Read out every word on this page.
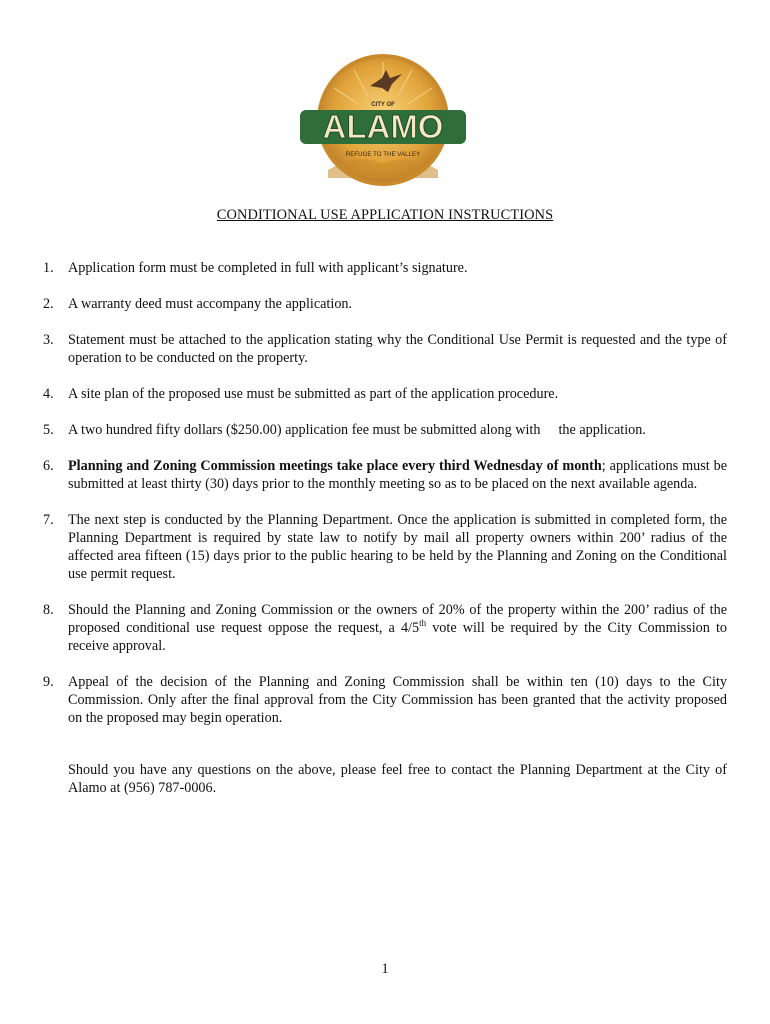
CITY OF
ALAMO
REFUGE TO THE VALLEY
CONDITIONAL USE APPLICATION INSTRUCTIONS
1. Application form must be completed in full with applicant’s signature.
2. A warranty deed must accompany the application.
3. Statement must be attached to the application stating why the Conditional Use Permit is requested and the type of operation to be conducted on the property.
4. A site plan of the proposed use must be submitted as part of the application procedure.
5. A two hundred fifty dollars ($250.00) application fee must be submitted along with the application.
6. Planning and Zoning Commission meetings take place every third Wednesday of month; applications must be submitted at least thirty (30) days prior to the monthly meeting so as to be placed on the next available agenda.
7. The next step is conducted by the Planning Department. Once the application is submitted in completed form, the Planning Department is required by state law to notify by mail all property owners within 200’ radius of the affected area fifteen (15) days prior to the public hearing to be held by the Planning and Zoning on the Conditional use permit request.
8. Should the Planning and Zoning Commission or the owners of 20% of the property within the 200’ radius of the proposed conditional use request oppose the request, a 4/5th vote will be required by the City Commission to receive approval.
9. Appeal of the decision of the Planning and Zoning Commission shall be within ten (10) days to the City Commission. Only after the final approval from the City Commission has been granted that the activity proposed on the proposed may begin operation.
Should you have any questions on the above, please feel free to contact the Planning Department at the City of Alamo at (956) 787-0006.
1
